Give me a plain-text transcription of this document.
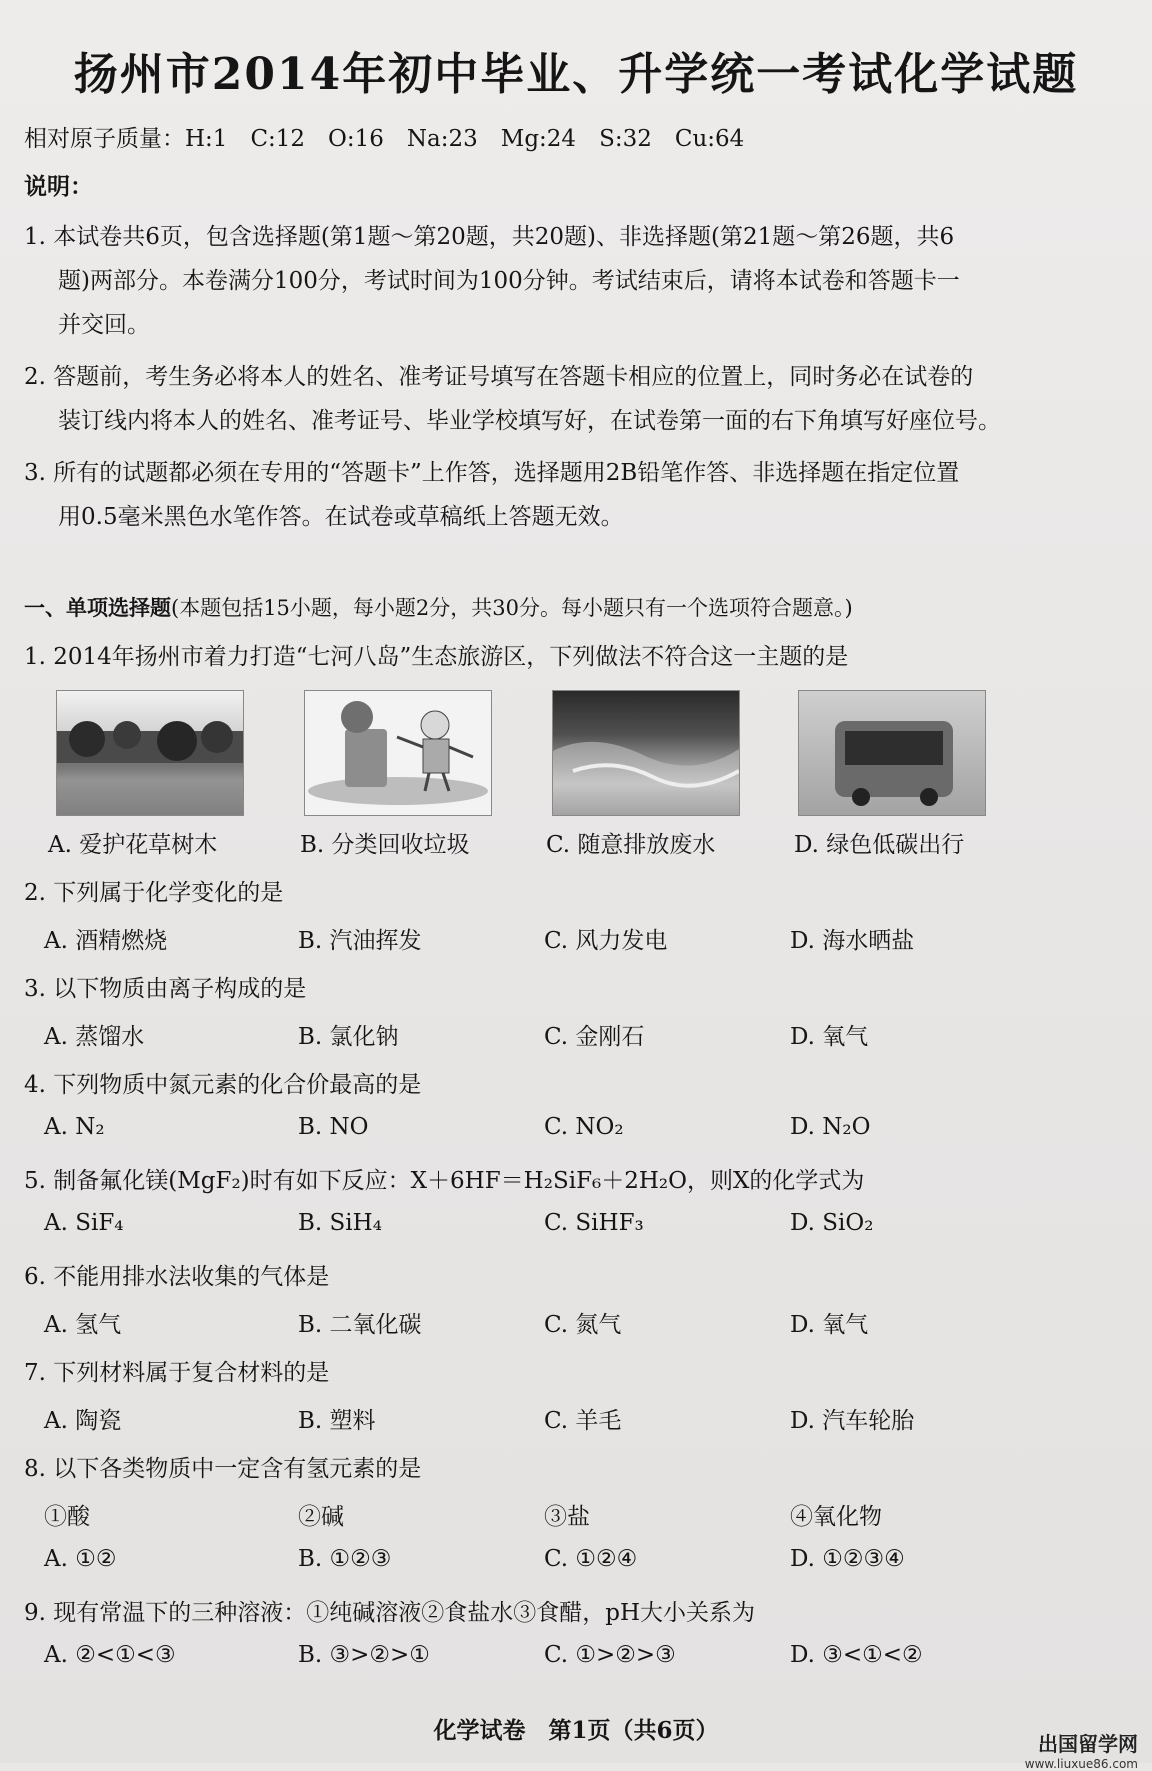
扬州市2014年初中毕业、升学统一考试化学试题
相对原子质量：H:1　C:12　O:16　Na:23　Mg:24　S:32　Cu:64
说明：
1. 本试卷共6页，包含选择题(第1题～第20题，共20题)、非选择题(第21题～第26题，共6
题)两部分。本卷满分100分，考试时间为100分钟。考试结束后，请将本试卷和答题卡一
并交回。
2. 答题前，考生务必将本人的姓名、准考证号填写在答题卡相应的位置上，同时务必在试卷的
装订线内将本人的姓名、准考证号、毕业学校填写好，在试卷第一面的右下角填写好座位号。
3. 所有的试题都必须在专用的“答题卡”上作答，选择题用2B铅笔作答、非选择题在指定位置
用0.5毫米黑色水笔作答。在试卷或草稿纸上答题无效。
一、单项选择题(本题包括15小题，每小题2分，共30分。每小题只有一个选项符合题意。)
1. 2014年扬州市着力打造“七河八岛”生态旅游区，下列做法不符合这一主题的是
A. 爱护花草树木	B. 分类回收垃圾	C. 随意排放废水	D. 绿色低碳出行
2. 下列属于化学变化的是
A. 酒精燃烧	B. 汽油挥发	C. 风力发电	D. 海水晒盐
3. 以下物质由离子构成的是
A. 蒸馏水	B. 氯化钠	C. 金刚石	D. 氧气
4. 下列物质中氮元素的化合价最高的是
A. N₂	B. NO	C. NO₂	D. N₂O
5. 制备氟化镁(MgF₂)时有如下反应：X＋6HF＝H₂SiF₆＋2H₂O，则X的化学式为
A. SiF₄	B. SiH₄	C. SiHF₃	D. SiO₂
6. 不能用排水法收集的气体是
A. 氢气	B. 二氧化碳	C. 氮气	D. 氧气
7. 下列材料属于复合材料的是
A. 陶瓷	B. 塑料	C. 羊毛	D. 汽车轮胎
8. 以下各类物质中一定含有氢元素的是
①酸	②碱	③盐	④氧化物
A. ①②	B. ①②③	C. ①②④	D. ①②③④
9. 现有常温下的三种溶液：①纯碱溶液②食盐水③食醋，pH大小关系为
A. ②<①<③	B. ③>②>①	C. ①>②>③	D. ③<①<②
化学试卷　第1页（共6页）	出国留学网
www.liuxue86.com
